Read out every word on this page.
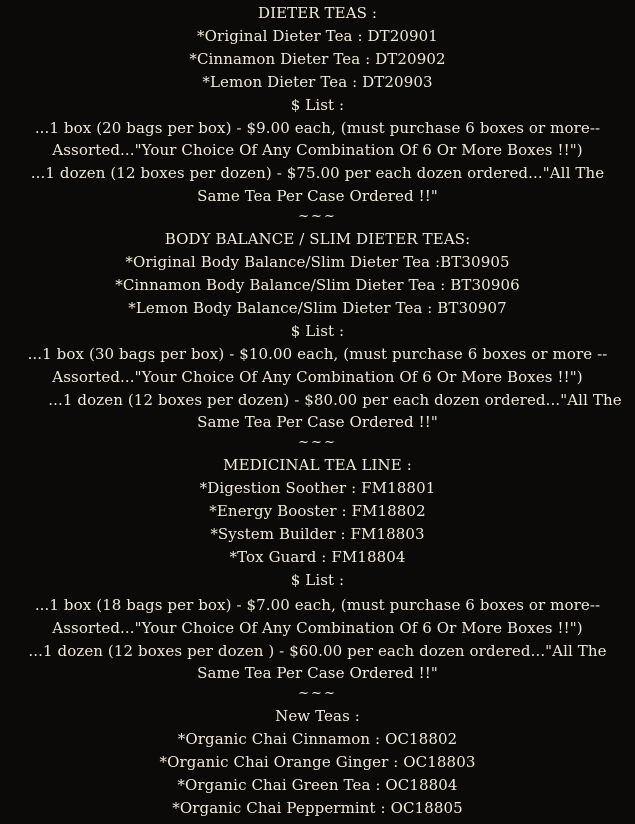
DIETER TEAS :
*Original Dieter Tea : DT20901
*Cinnamon Dieter Tea : DT20902
*Lemon Dieter Tea : DT20903
$ List :
...1 box (20 bags per box) - $9.00 each, (must purchase 6 boxes or more--
Assorted..."Your Choice Of Any Combination Of 6 Or More Boxes !!")
...1 dozen (12 boxes per dozen) - $75.00 per each dozen ordered..."All The
Same Tea Per Case Ordered !!"
~~~
BODY BALANCE / SLIM DIETER TEAS:
*Original Body Balance/Slim Dieter Tea :BT30905
*Cinnamon Body Balance/Slim Dieter Tea : BT30906
*Lemon Body Balance/Slim Dieter Tea : BT30907
$ List :
...1 box (30 bags per box) - $10.00 each, (must purchase 6 boxes or more --
Assorted..."Your Choice Of Any Combination Of 6 Or More Boxes !!")
...1 dozen (12 boxes per dozen) - $80.00 per each dozen ordered..."All The
Same Tea Per Case Ordered !!"
~~~
MEDICINAL TEA LINE :
*Digestion Soother : FM18801
*Energy Booster : FM18802
*System Builder : FM18803
*Tox Guard : FM18804
$ List :
...1 box (18 bags per box) - $7.00 each, (must purchase 6 boxes or more--
Assorted..."Your Choice Of Any Combination Of 6 Or More Boxes !!")
...1 dozen (12 boxes per dozen ) - $60.00 per each dozen ordered..."All The
Same Tea Per Case Ordered !!"
~~~
New Teas :
*Organic Chai Cinnamon : OC18802
*Organic Chai Orange Ginger : OC18803
*Organic Chai Green Tea : OC18804
*Organic Chai Peppermint : OC18805
